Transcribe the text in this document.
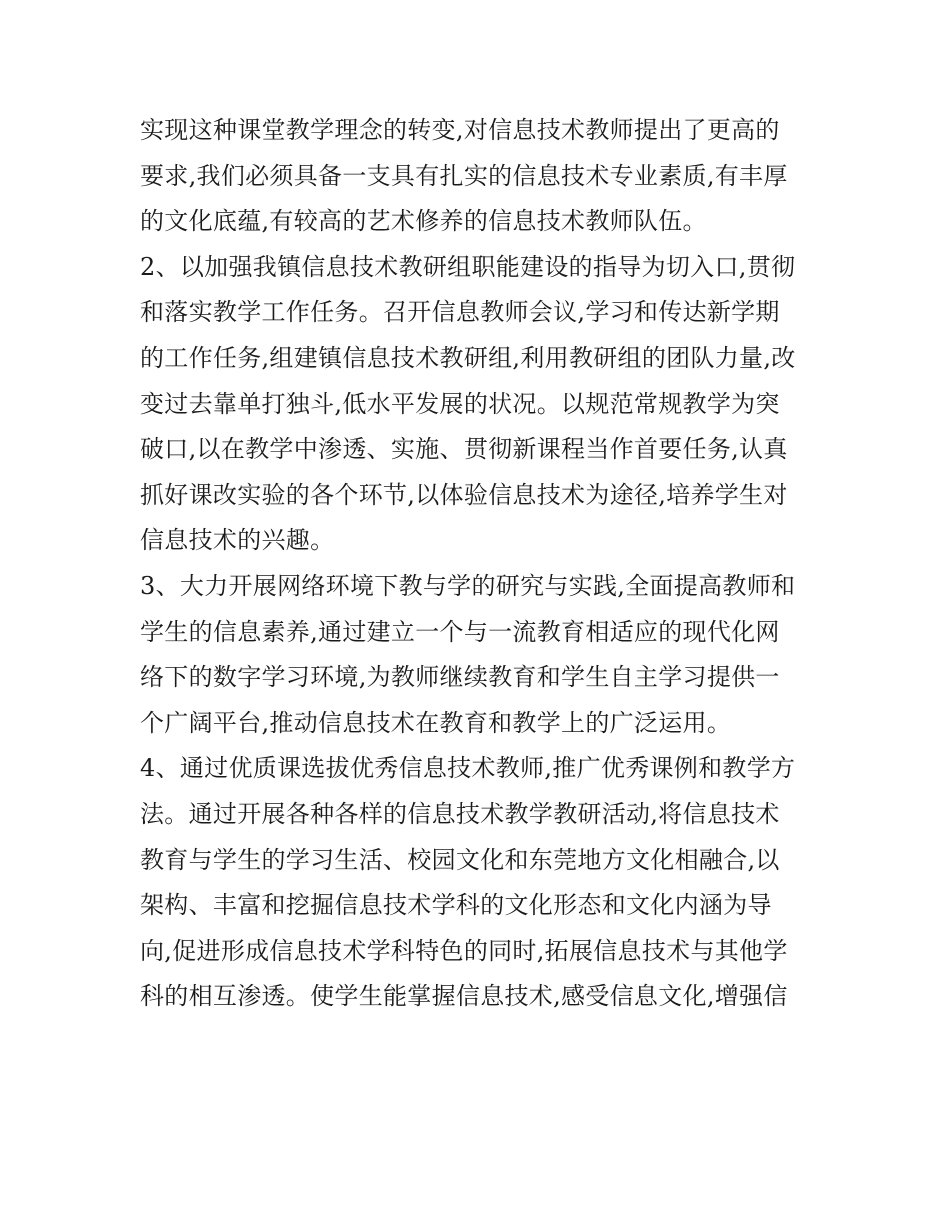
实现这种课堂教学理念的转变,对信息技术教师提出了更高的
要求,我们必须具备一支具有扎实的信息技术专业素质,有丰厚
的文化底蕴,有较高的艺术修养的信息技术教师队伍。
2、以加强我镇信息技术教研组职能建设的指导为切入口,贯彻
和落实教学工作任务。召开信息教师会议,学习和传达新学期
的工作任务,组建镇信息技术教研组,利用教研组的团队力量,改
变过去靠单打独斗,低水平发展的状况。以规范常规教学为突
破口,以在教学中渗透、实施、贯彻新课程当作首要任务,认真
抓好课改实验的各个环节,以体验信息技术为途径,培养学生对
信息技术的兴趣。
3、大力开展网络环境下教与学的研究与实践,全面提高教师和
学生的信息素养,通过建立一个与一流教育相适应的现代化网
络下的数字学习环境,为教师继续教育和学生自主学习提供一
个广阔平台,推动信息技术在教育和教学上的广泛运用。
4、通过优质课选拔优秀信息技术教师,推广优秀课例和教学方
法。通过开展各种各样的信息技术教学教研活动,将信息技术
教育与学生的学习生活、校园文化和东莞地方文化相融合,以
架构、丰富和挖掘信息技术学科的文化形态和文化内涵为导
向,促进形成信息技术学科特色的同时,拓展信息技术与其他学
科的相互渗透。使学生能掌握信息技术,感受信息文化,增强信
